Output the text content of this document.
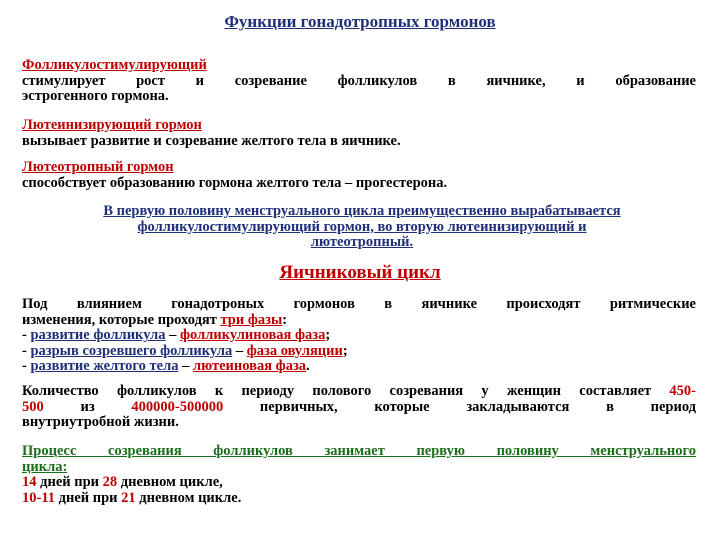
Функции гонадотропных гормонов
Фолликулостимулирующий
стимулирует рост и созревание фолликулов в яичнике, и образование
эстрогенного гормона.
Лютеинизирующий гормон
вызывает развитие и созревание желтого тела в яичнике.
Лютеотропный гормон
способствует образованию гормона желтого тела – прогестерона.
В первую половину менструального цикла преимущественно вырабатывается
фолликулостимулирующий гормон, во вторую лютеинизирующий и
лютеотропный.
Яичниковый цикл
Под влиянием гонадотроных гормонов в яичнике происходят ритмические
изменения, которые проходят три фазы:
- развитие фолликула – фолликулиновая фаза;
- разрыв созревшего фолликула – фаза овуляции;
- развитие желтого тела – лютеиновая фаза.
Количество фолликулов к периоду полового созревания у женщин составляет 450-
500 из 400000-500000 первичных, которые закладываются в период
внутриутробной жизни.
Процесс созревания фолликулов занимает первую половину менструального
цикла:
14 дней при 28 дневном цикле,
10-11 дней при 21 дневном цикле.
